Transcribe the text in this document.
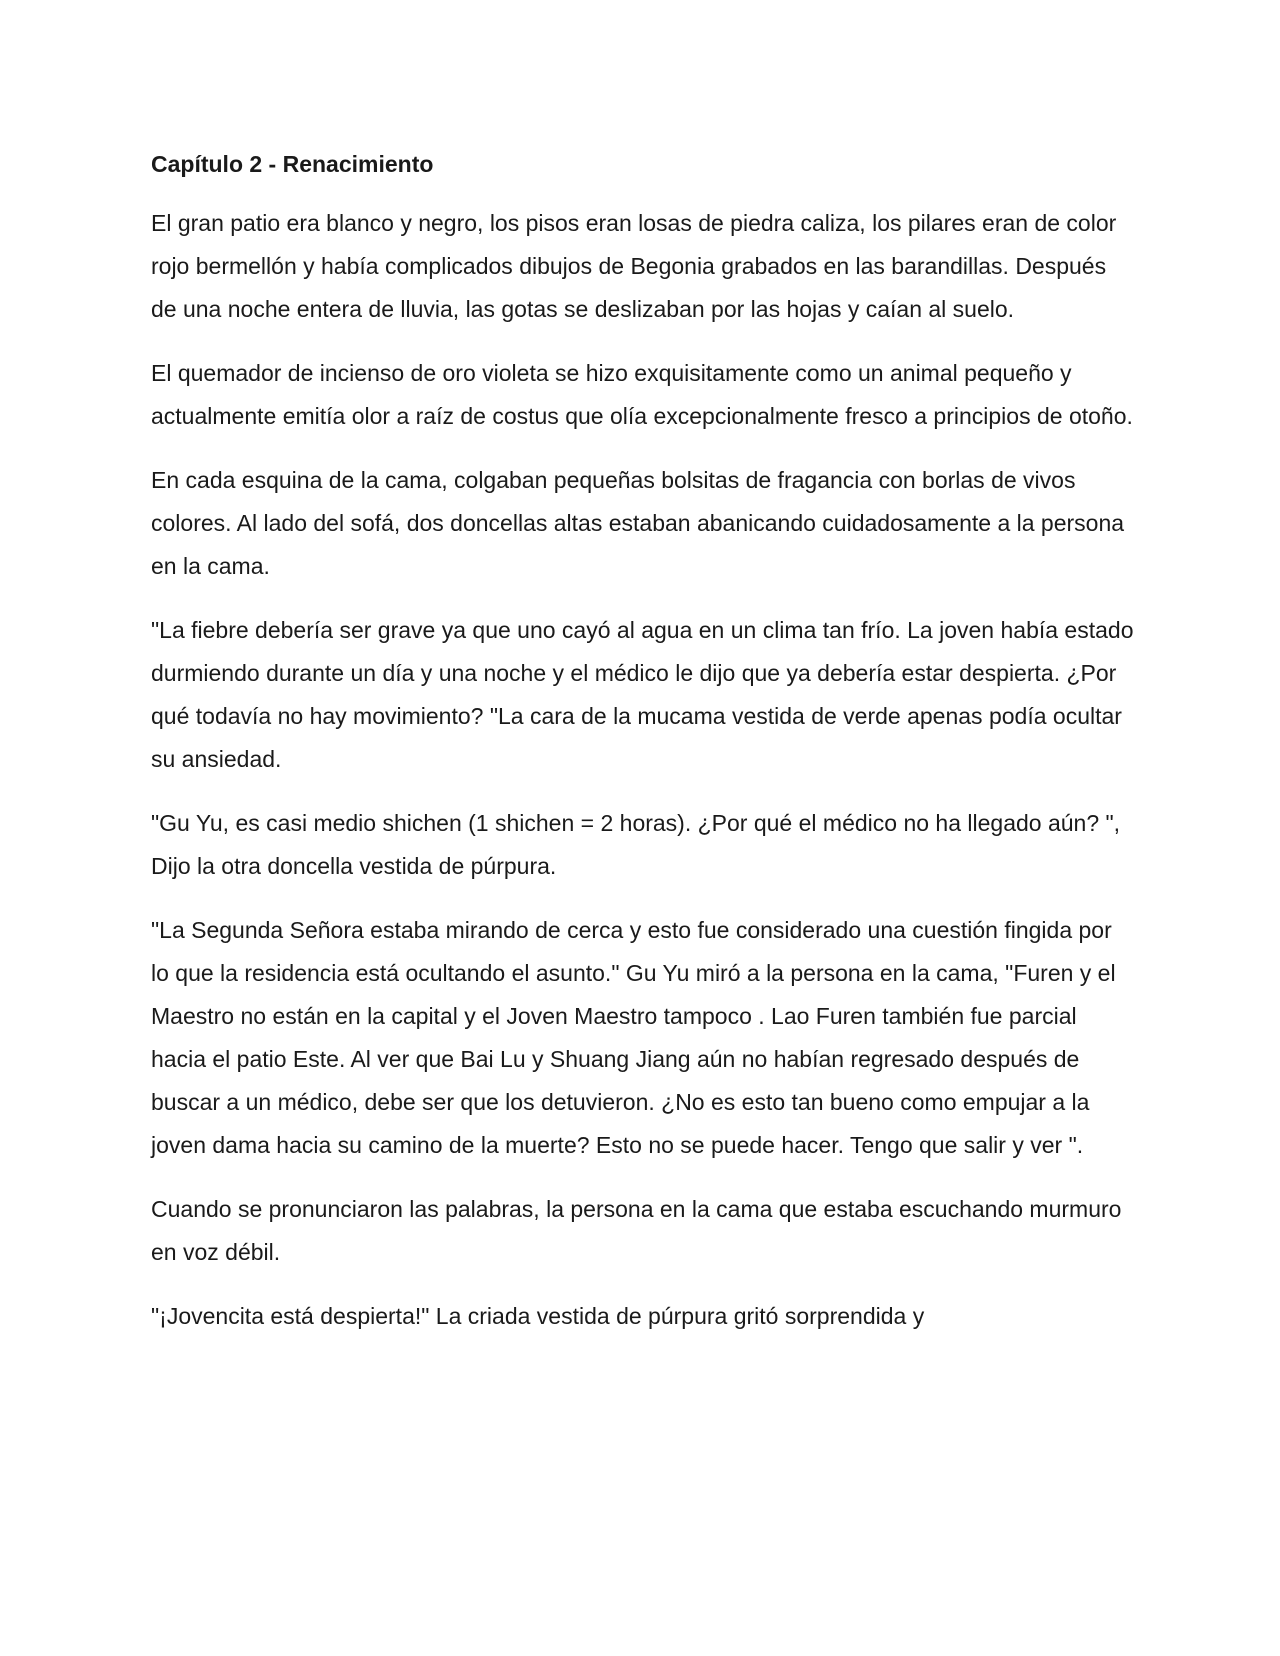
Capítulo 2 - Renacimiento

El gran patio era blanco y negro, los pisos eran losas de piedra caliza, los pilares eran de color rojo bermellón y había complicados dibujos de Begonia grabados en las barandillas. Después de una noche entera de lluvia, las gotas se deslizaban por las hojas y caían al suelo.

El quemador de incienso de oro violeta se hizo exquisitamente como un animal pequeño y actualmente emitía olor a raíz de costus que olía excepcionalmente fresco a principios de otoño.

En cada esquina de la cama, colgaban pequeñas bolsitas de fragancia con borlas de vivos colores. Al lado del sofá, dos doncellas altas estaban abanicando cuidadosamente a la persona en la cama.

"La fiebre debería ser grave ya que uno cayó al agua en un clima tan frío. La joven había estado durmiendo durante un día y una noche y el médico le dijo que ya debería estar despierta. ¿Por qué todavía no hay movimiento? "La cara de la mucama vestida de verde apenas podía ocultar su ansiedad.

"Gu Yu, es casi medio shichen (1 shichen = 2 horas). ¿Por qué el médico no ha llegado aún? ", Dijo la otra doncella vestida de púrpura.

"La Segunda Señora estaba mirando de cerca y esto fue considerado una cuestión fingida por lo que la residencia está ocultando el asunto." Gu Yu miró a la persona en la cama, "Furen y el Maestro no están en la capital y el Joven Maestro tampoco . Lao Furen también fue parcial hacia el patio Este. Al ver que Bai Lu y Shuang Jiang aún no habían regresado después de buscar a un médico, debe ser que los detuvieron. ¿No es esto tan bueno como empujar a la joven dama hacia su camino de la muerte? Esto no se puede hacer. Tengo que salir y ver ".

Cuando se pronunciaron las palabras, la persona en la cama que estaba escuchando murmuro en voz débil.

"¡Jovencita está despierta!" La criada vestida de púrpura gritó sorprendida y
